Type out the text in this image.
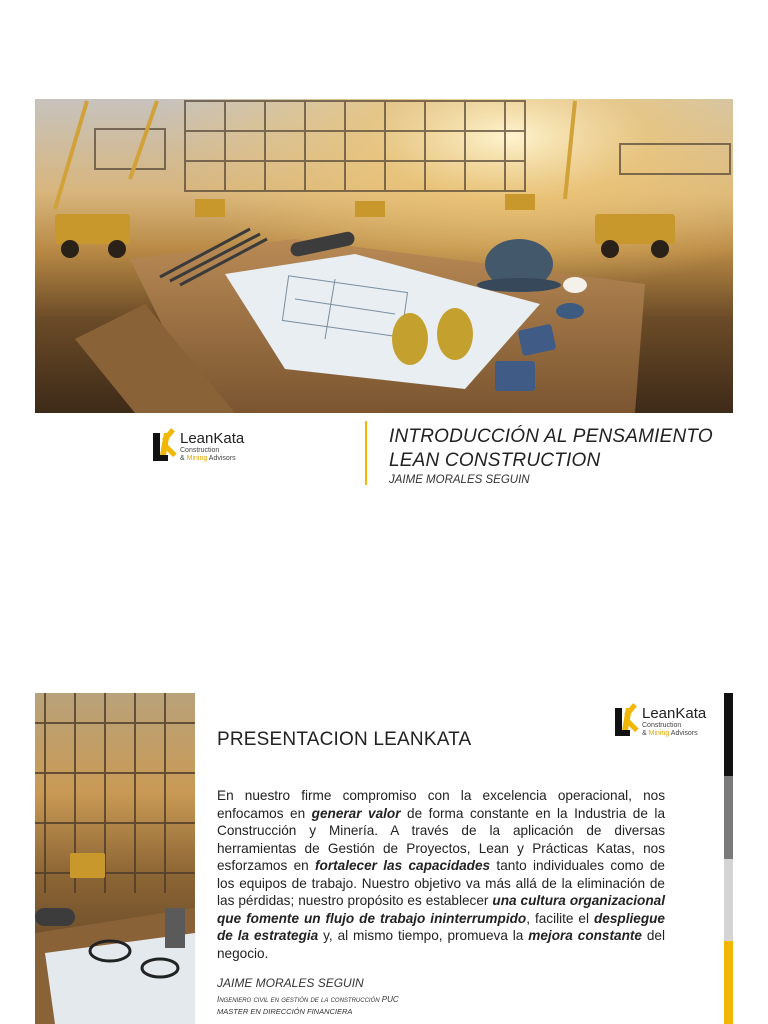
LeanKata
Construction
& Mining Advisors
INTRODUCCIÓN AL PENSAMIENTO
LEAN CONSTRUCTION
JAIME MORALES SEGUIN
LeanKata
Construction
& Mining Advisors
PRESENTACION LEANKATA
En nuestro firme compromiso con la excelencia operacional, nos enfocamos en generar valor de forma constante en la Industria de la Construcción y Minería. A través de la aplicación de diversas herramientas de Gestión de Proyectos, Lean y Prácticas Katas, nos esforzamos en fortalecer las capacidades tanto individuales como de los equipos de trabajo. Nuestro objetivo va más allá de la eliminación de las pérdidas; nuestro propósito es establecer una cultura organizacional que fomente un flujo de trabajo ininterrumpido, facilite el despliegue de la estrategia y, al mismo tiempo, promueva la mejora constante del negocio.
JAIME MORALES SEGUIN
Ingeniero civil en gestión de la construcción PUC
MASTER EN DIRECCIÓN FINANCIERA
